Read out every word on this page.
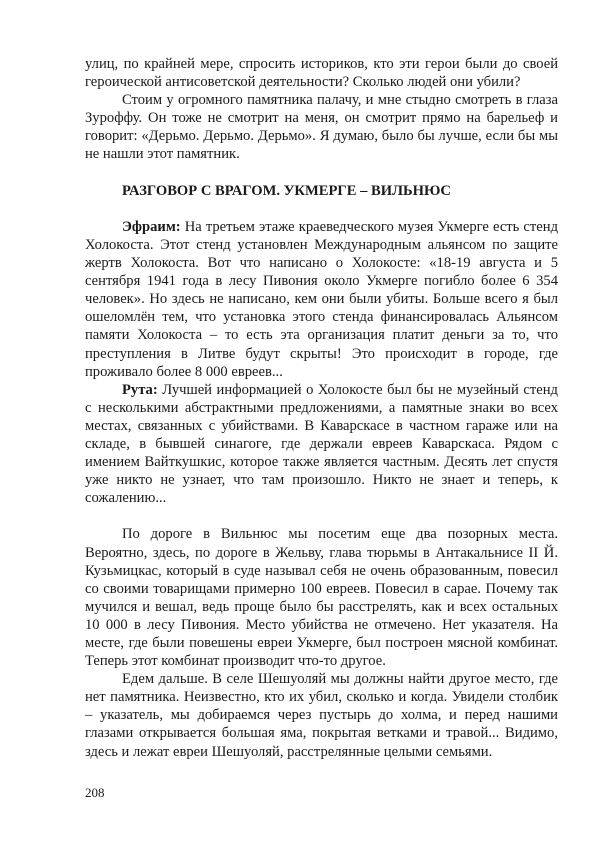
улиц, по крайней мере, спросить историков, кто эти герои были до своей героической антисоветской деятельности? Сколько людей они убили?

Стоим у огромного памятника палачу, и мне стыдно смотреть в глаза Зуроффу. Он тоже не смотрит на меня, он смотрит прямо на барельеф и говорит: «Дерьмо. Дерьмо. Дерьмо». Я думаю, было бы лучше, если бы мы не нашли этот памятник.

РАЗГОВОР С ВРАГОМ. УКМЕРГЕ – ВИЛЬНЮС

Эфраим: На третьем этаже краеведческого музея Укмерге есть стенд Холокоста. Этот стенд установлен Международным альянсом по защите жертв Холокоста. Вот что написано о Холокосте: «18-19 августа и 5 сентября 1941 года в лесу Пивония около Укмерге погибло более 6 354 человек». Но здесь не написано, кем они были убиты. Больше всего я был ошеломлён тем, что установка этого стенда финансировалась Альянсом памяти Холокоста – то есть эта организация платит деньги за то, что преступления в Литве будут скрыты! Это происходит в городе, где проживало более 8 000 евреев...

Рута: Лучшей информацией о Холокосте был бы не музейный стенд с несколькими абстрактными предложениями, а памятные знаки во всех местах, связанных с убийствами. В Каварскасе в частном гараже или на складе, в бывшей синагоге, где держали евреев Каварскаса. Рядом с имением Вайткушкис, которое также является частным. Десять лет спустя уже никто не узнает, что там произошло. Никто не знает и теперь, к сожалению...

По дороге в Вильнюс мы посетим еще два позорных места. Вероятно, здесь, по дороге в Жельву, глава тюрьмы в Антакальнисе II Й. Кузьмицкас, который в суде называл себя не очень образованным, повесил со своими товарищами примерно 100 евреев. Повесил в сарае. Почему так мучился и вешал, ведь проще было бы расстрелять, как и всех остальных 10 000 в лесу Пивония. Место убийства не отмечено. Нет указателя. На месте, где были повешены евреи Укмерге, был построен мясной комбинат. Теперь этот комбинат производит что-то другое.

Едем дальше. В селе Шешуоляй мы должны найти другое место, где нет памятника. Неизвестно, кто их убил, сколько и когда. Увидели столбик – указатель, мы добираемся через пустырь до холма, и перед нашими глазами открывается большая яма, покрытая ветками и травой... Видимо, здесь и лежат евреи Шешуоляй, расстрелянные целыми семьями.

208
